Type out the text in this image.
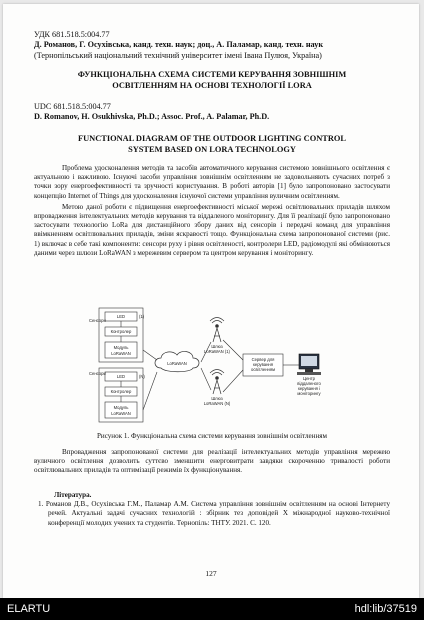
УДК 681.518.5:004.77
Д. Романов, Г. Осухівська, канд. техн. наук; доц., А. Паламар, канд. техн. наук
(Тернопільський національний технічний університет імені Івана Пулюя, Україна)
ФУНКЦІОНАЛЬНА СХЕМА СИСТЕМИ КЕРУВАННЯ ЗОВНІШНІМ
ОСВІТЛЕННЯМ НА ОСНОВІ ТЕХНОЛОГІЇ LORA
UDC 681.518.5:004.77
D. Romanov, H. Osukhivska, Ph.D.; Assoc. Prof., A. Palamar, Ph.D.
FUNCTIONAL DIAGRAM OF THE OUTDOOR LIGHTING CONTROL
SYSTEM BASED ON LORA TECHNOLOGY

Проблема удосконалення методів та засобів автоматичного керування системою зовнішнього освітлення є актуальною і важливою. Існуючі засоби управління зовнішнім освітленням не задовольняють сучасних потреб з точки зору енергоефективності та зручності користування. В роботі авторів [1] було запропоновано застосувати концепцію Internet of Things для удосконалення існуючої системи управління вуличним освітленням.

Метою даної роботи є підвищення енергоефективності міської мережі освітлювальних приладів шляхом впровадження інтелектуальних методів керування та віддаленого моніторингу. Для її реалізації було запропоновано застосувати технологію LoRa для дистанційного збору даних від сенсорів і передачі команд для управління ввімкненням освітлювальних приладів, зміни яскравості тощо. Функціональна схема запропонованої системи (рис. 1) включає в себе такі компоненти: сенсори руху і рівня освітленості, контролери LED, радіомодулі які обмінюються даними через шлюзи LoRaWAN з мережевим сервером та центром керування і моніторингу.

LED	(1)
Контролер
Модуль
LoRaWAN
Сенсори
LED	(N)
Контролер
Модуль
LoRaWAN
Сенсори
LoRaWAN
Шлюз
LoRaWAN (1)
Шлюз
LoRaWAN (N)
Сервер для
керування
освітленням
Центр
віддаленого
керування і
моніторингу
Рисунок 1. Функціональна схема системи керування зовнішнім освітленням

Впровадження запропонованої системи для реалізації інтелектуальних методів управління мережею вуличного освітлення дозволить суттєво зменшити енерговитрати завдяки скороченню тривалості роботи освітлювальних приладів та оптимізації режимів їх функціонування.

Література.
1. Романов Д.В., Осухівська Г.М., Паламар А.М. Система управління зовнішнім освітленням на основі Інтернету речей. Актуальні задачі сучасних технологій : збірник тез доповідей X міжнародної науково-технічної конференції молодих учених та студентів. Тернопіль: ТНТУ. 2021. С. 120.
127
ELARTU	hdl:lib/37519
